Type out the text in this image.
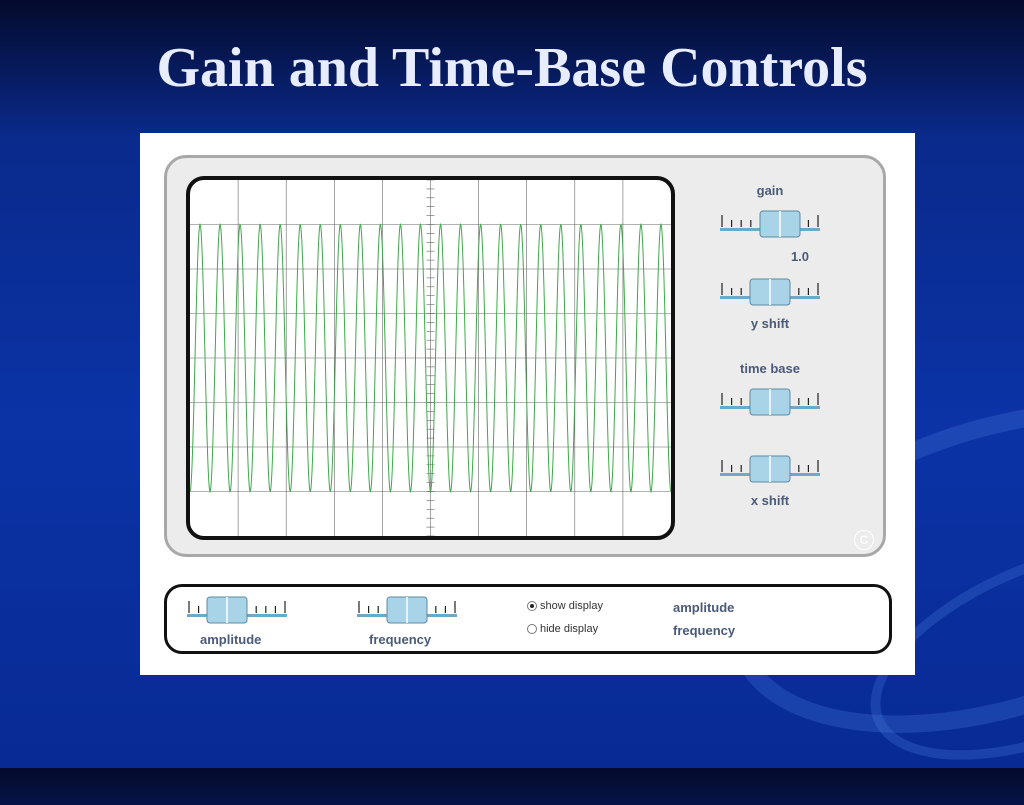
Gain and Time-Base Controls
gain
1.0
y shift
time base
x shift
C
amplitude	frequency
show display
hide display
amplitude
frequency
